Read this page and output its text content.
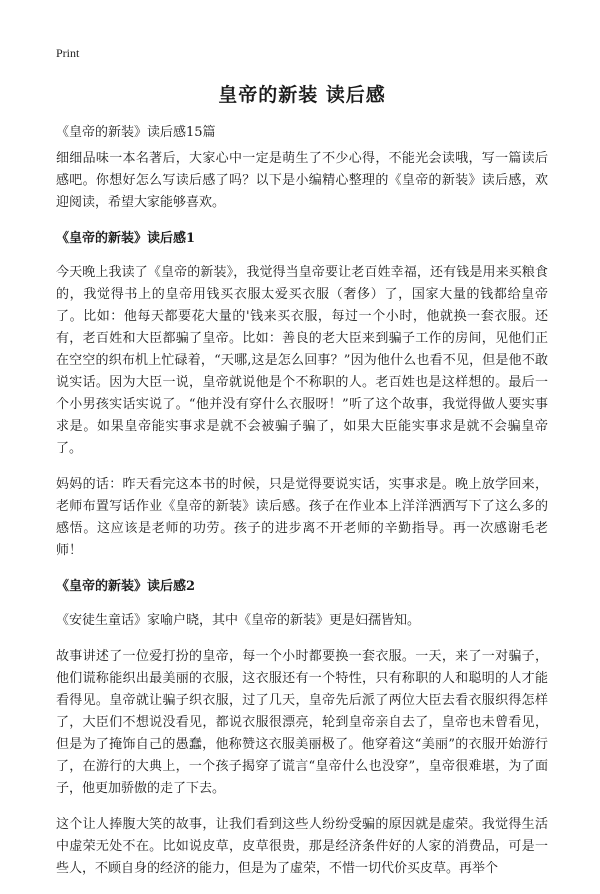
Print
皇帝的新装 读后感

《皇帝的新装》读后感15篇

细细品味一本名著后，大家心中一定是萌生了不少心得，不能光会读哦，写一篇读后感吧。你想好怎么写读后感了吗？以下是小编精心整理的《皇帝的新装》读后感，欢迎阅读，希望大家能够喜欢。

《皇帝的新装》读后感1

今天晚上我读了《皇帝的新装》，我觉得当皇帝要让老百姓幸福，还有钱是用来买粮食的，我觉得书上的皇帝用钱买衣服太爱买衣服（奢侈）了，国家大量的钱都给皇帝了。比如：他每天都要花大量的'钱来买衣服，每过一个小时，他就换一套衣服。还有，老百姓和大臣都骗了皇帝。比如：善良的老大臣来到骗子工作的房间，见他们正在空空的织布机上忙碌着，“天哪,这是怎么回事？”因为他什么也看不见，但是他不敢说实话。因为大臣一说，皇帝就说他是个不称职的人。老百姓也是这样想的。最后一个小男孩实话实说了。“他并没有穿什么衣服呀！”听了这个故事，我觉得做人要实事求是。如果皇帝能实事求是就不会被骗子骗了，如果大臣能实事求是就不会骗皇帝了。

妈妈的话：昨天看完这本书的时候，只是觉得要说实话，实事求是。晚上放学回来，老师布置写话作业《皇帝的新装》读后感。孩子在作业本上洋洋洒洒写下了这么多的感悟。这应该是老师的功劳。孩子的进步离不开老师的辛勤指导。再一次感谢毛老师！

《皇帝的新装》读后感2

《安徒生童话》家喻户晓，其中《皇帝的新装》更是妇孺皆知。

故事讲述了一位爱打扮的皇帝，每一个小时都要换一套衣服。一天，来了一对骗子，他们谎称能织出最美丽的衣服，这衣服还有一个特性，只有称职的人和聪明的人才能看得见。皇帝就让骗子织衣服，过了几天，皇帝先后派了两位大臣去看衣服织得怎样了，大臣们不想说没看见，都说衣服很漂亮，轮到皇帝亲自去了，皇帝也未曾看见，但是为了掩饰自己的愚蠢，他称赞这衣服美丽极了。他穿着这“美丽”的衣服开始游行了，在游行的大典上，一个孩子揭穿了谎言“皇帝什么也没穿”，皇帝很难堪，为了面子，他更加骄傲的走了下去。

这个让人捧腹大笑的故事，让我们看到这些人纷纷受骗的原因就是虚荣。我觉得生活中虚荣无处不在。比如说皮草，皮草很贵，那是经济条件好的人家的消费品，可是一些人，不顾自身的经济的能力，但是为了虚荣，不惜一切代价买皮草。再举个
